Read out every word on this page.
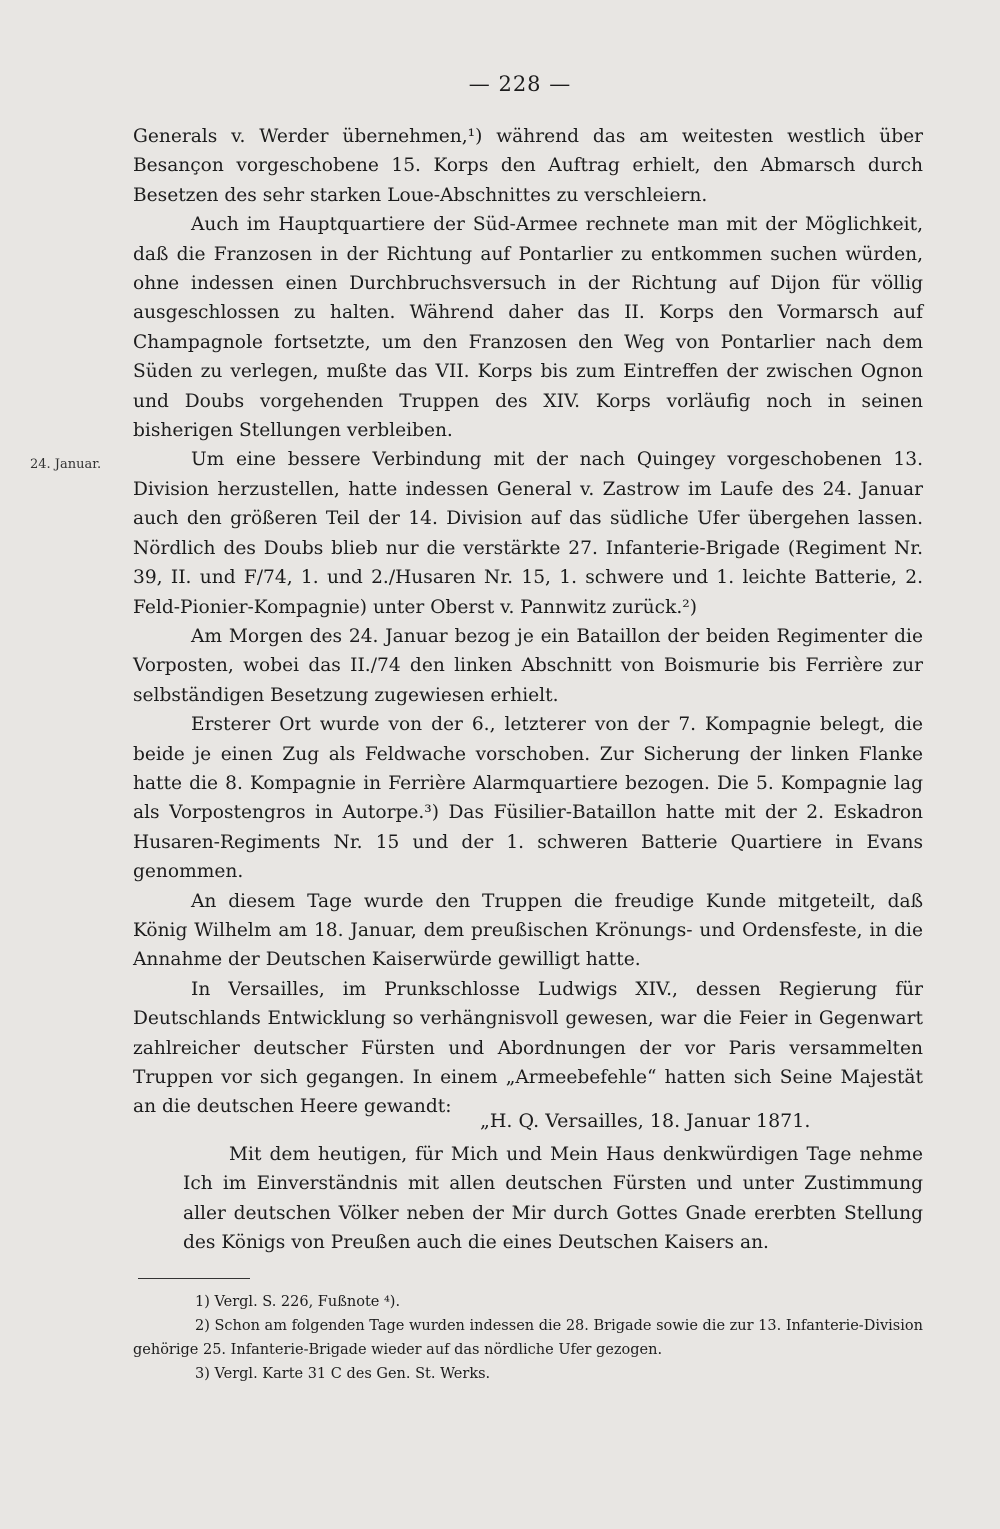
— 228 —
24. Januar.

Generals v. Werder übernehmen,¹) während das am weitesten westlich über Besançon vorgeschobene 15. Korps den Auftrag erhielt, den Abmarsch durch Besetzen des sehr starken Loue-Abschnittes zu verschleiern.

Auch im Hauptquartiere der Süd-Armee rechnete man mit der Möglichkeit, daß die Franzosen in der Richtung auf Pontarlier zu entkommen suchen würden, ohne indessen einen Durchbruchsversuch in der Richtung auf Dijon für völlig ausgeschlossen zu halten. Während daher das II. Korps den Vormarsch auf Champagnole fortsetzte, um den Franzosen den Weg von Pontarlier nach dem Süden zu verlegen, mußte das VII. Korps bis zum Eintreffen der zwischen Ognon und Doubs vorgehenden Truppen des XIV. Korps vorläufig noch in seinen bisherigen Stellungen verbleiben.

Um eine bessere Verbindung mit der nach Quingey vorgeschobenen 13. Division herzustellen, hatte indessen General v. Zastrow im Laufe des 24. Januar auch den größeren Teil der 14. Division auf das südliche Ufer übergehen lassen. Nördlich des Doubs blieb nur die verstärkte 27. Infanterie-Brigade (Regiment Nr. 39, II. und F/74, 1. und 2./Husaren Nr. 15, 1. schwere und 1. leichte Batterie, 2. Feld-Pionier-Kompagnie) unter Oberst v. Pannwitz zurück.²)

Am Morgen des 24. Januar bezog je ein Bataillon der beiden Regimenter die Vorposten, wobei das II./74 den linken Abschnitt von Boismurie bis Ferrière zur selbständigen Besetzung zugewiesen erhielt.

Ersterer Ort wurde von der 6., letzterer von der 7. Kompagnie belegt, die beide je einen Zug als Feldwache vorschoben. Zur Sicherung der linken Flanke hatte die 8. Kompagnie in Ferrière Alarmquartiere bezogen. Die 5. Kompagnie lag als Vorpostengros in Autorpe.³) Das Füsilier-Bataillon hatte mit der 2. Eskadron Husaren-Regiments Nr. 15 und der 1. schweren Batterie Quartiere in Evans genommen.

An diesem Tage wurde den Truppen die freudige Kunde mitgeteilt, daß König Wilhelm am 18. Januar, dem preußischen Krönungs- und Ordensfeste, in die Annahme der Deutschen Kaiserwürde gewilligt hatte.

In Versailles, im Prunkschlosse Ludwigs XIV., dessen Regierung für Deutschlands Entwicklung so verhängnisvoll gewesen, war die Feier in Gegenwart zahlreicher deutscher Fürsten und Abordnungen der vor Paris versammelten Truppen vor sich gegangen. In einem „Armeebefehle“ hatten sich Seine Majestät an die deutschen Heere gewandt:

„H. Q. Versailles, 18. Januar 1871.

Mit dem heutigen, für Mich und Mein Haus denkwürdigen Tage nehme Ich im Einverständnis mit allen deutschen Fürsten und unter Zustimmung aller deutschen Völker neben der Mir durch Gottes Gnade ererbten Stellung des Königs von Preußen auch die eines Deutschen Kaisers an.

1) Vergl. S. 226, Fußnote ⁴).

2) Schon am folgenden Tage wurden indessen die 28. Brigade sowie die zur 13. Infanterie-Division gehörige 25. Infanterie-Brigade wieder auf das nördliche Ufer gezogen.

3) Vergl. Karte 31 C des Gen. St. Werks.
